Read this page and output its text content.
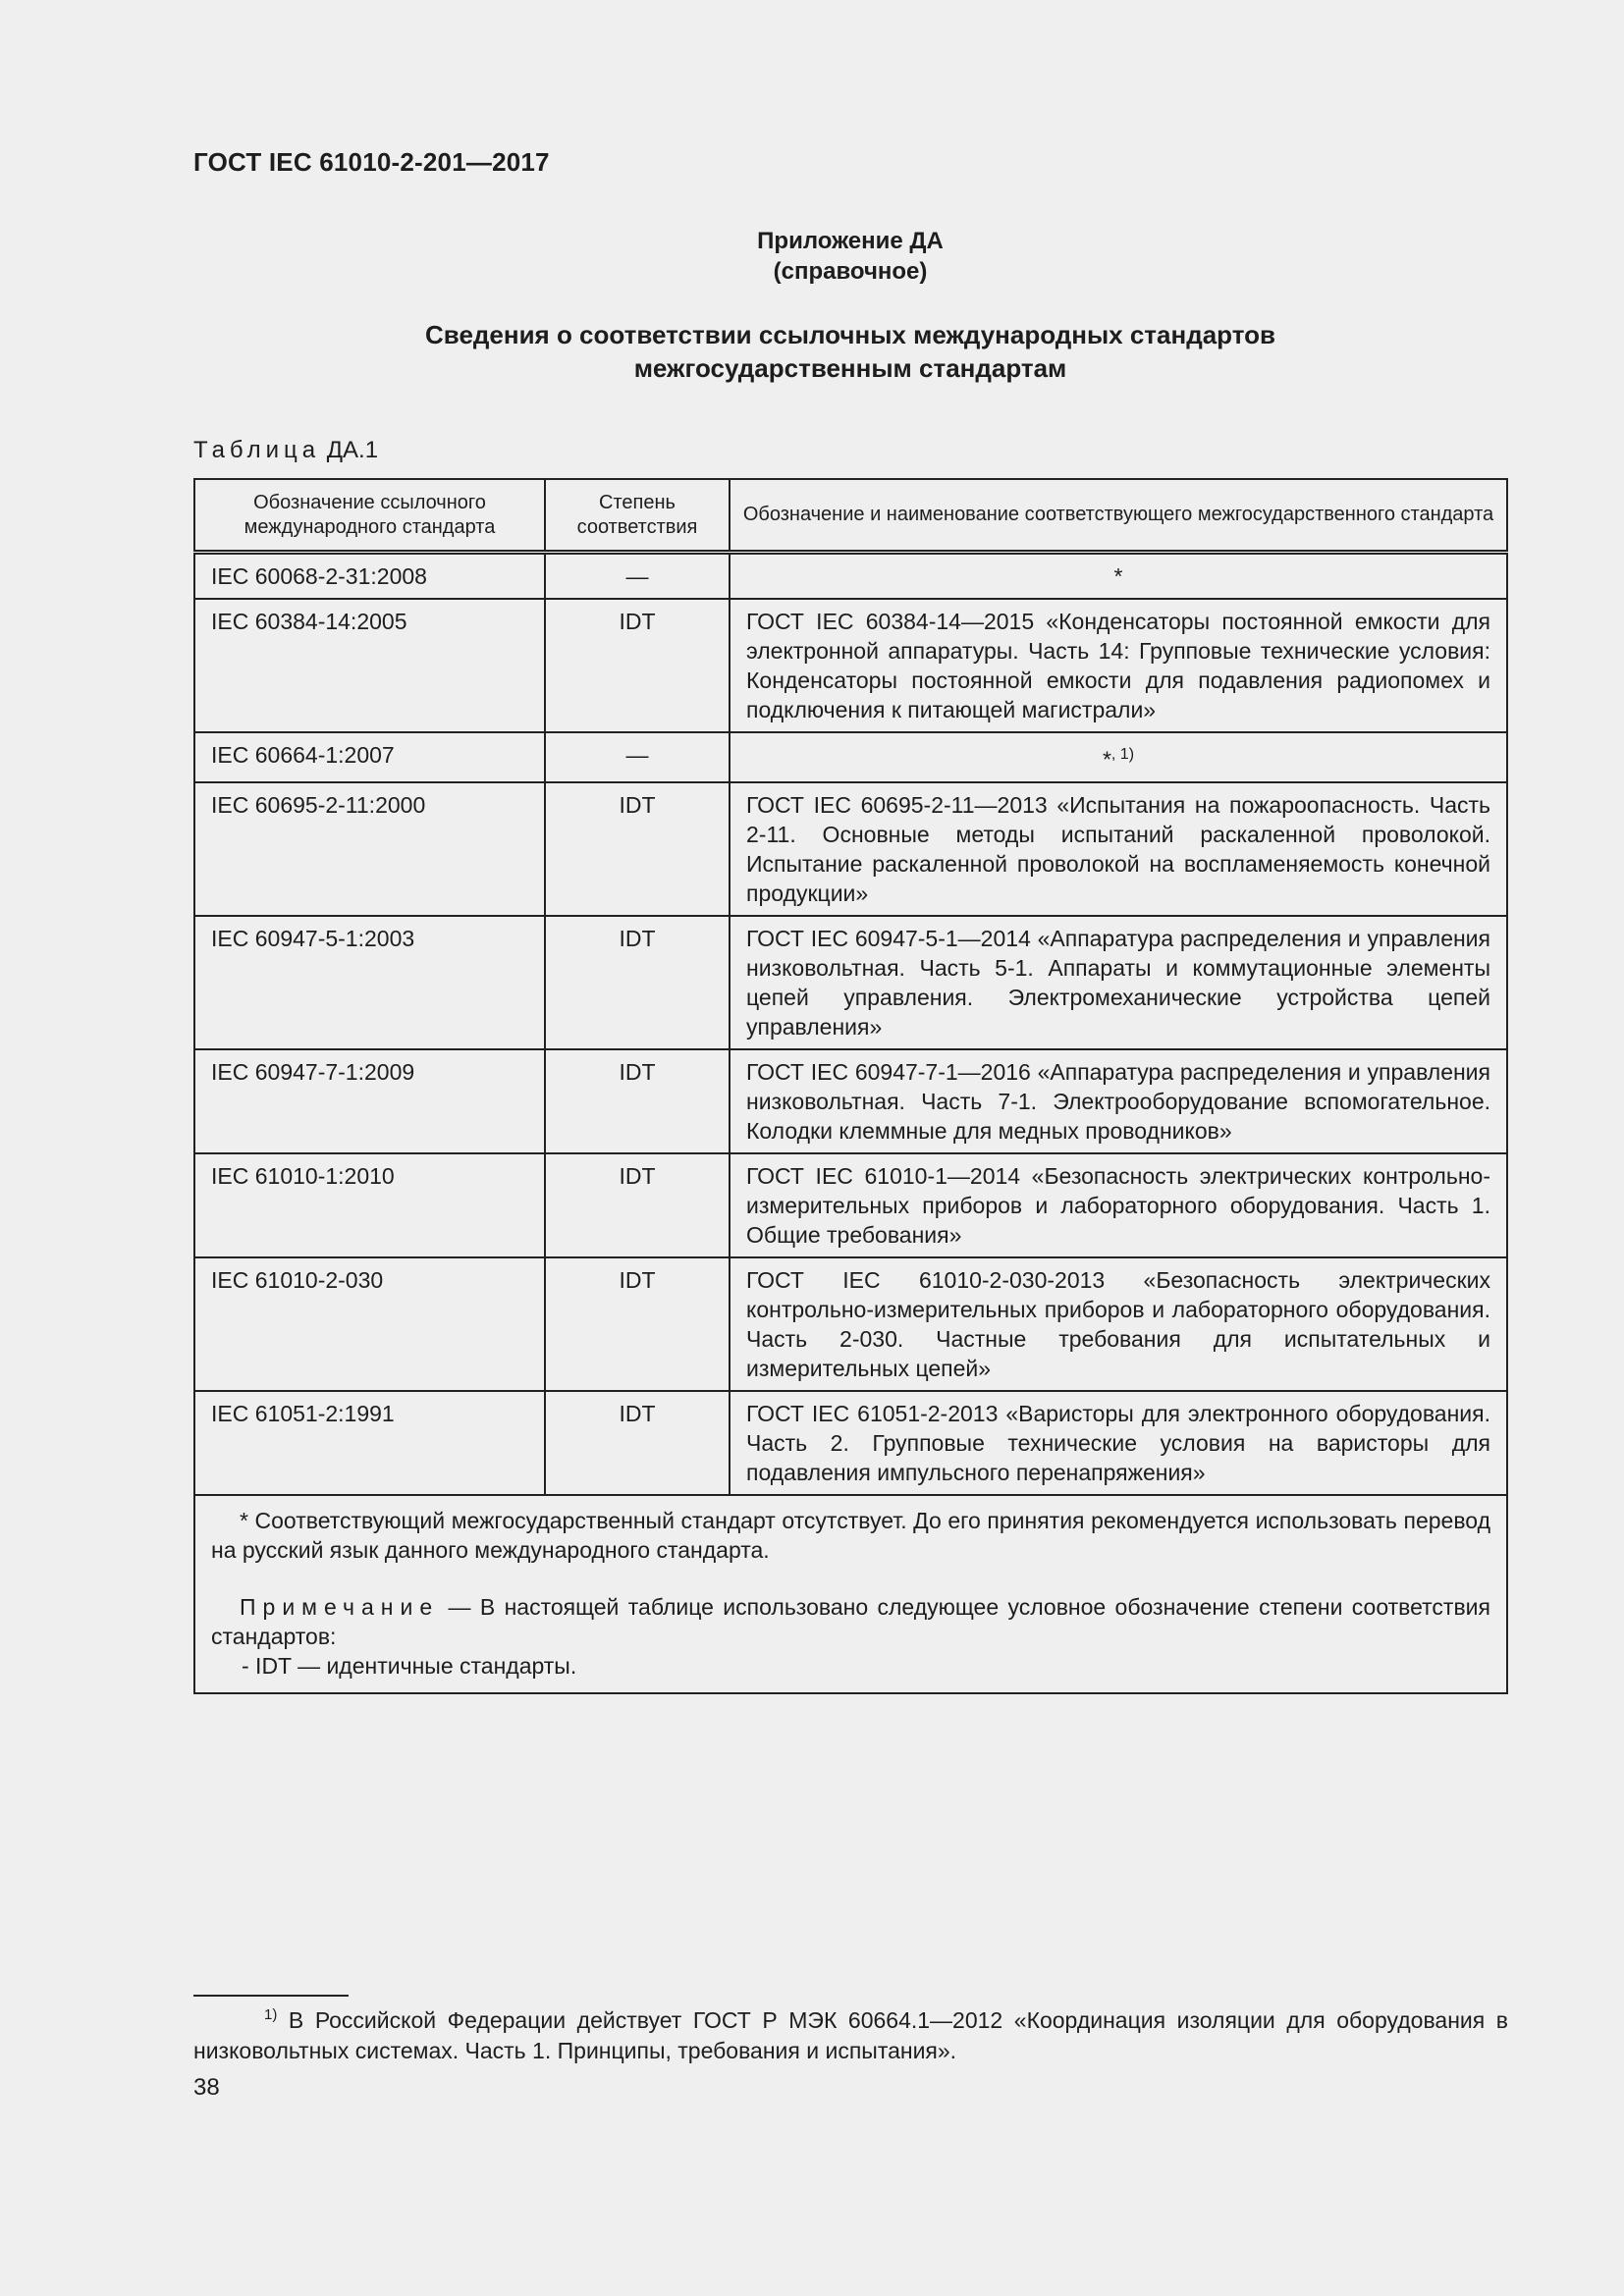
ГОСТ IEC 61010-2-201—2017
Приложение ДА
(справочное)
Сведения о соответствии ссылочных международных стандартов
межгосударственным стандартам
Таблица ДА.1
Обозначение ссылочного международного стандарта	Степень соответствия	Обозначение и наименование соответствующего межгосударственного стандарта
IEC 60068-2-31:2008	—	*
IEC 60384-14:2005	IDT	ГОСТ IEC 60384-14—2015 «Конденсаторы постоянной емкости для электронной аппаратуры. Часть 14: Групповые технические условия: Конденсаторы постоянной емкости для подавления радиопомех и подключения к питающей магистрали»
IEC 60664-1:2007	—	*$^{, 1)}$
IEC 60695-2-11:2000	IDT	ГОСТ IEC 60695-2-11—2013 «Испытания на пожароопасность. Часть 2-11. Основные методы испытаний раскаленной проволокой. Испытание раскаленной проволокой на воспламеняемость конечной продукции»
IEC 60947-5-1:2003	IDT	ГОСТ IEC 60947-5-1—2014 «Аппаратура распределения и управления низковольтная. Часть 5-1. Аппараты и коммутационные элементы цепей управления. Электромеханические устройства цепей управления»
IEC 60947-7-1:2009	IDT	ГОСТ IEC 60947-7-1—2016 «Аппаратура распределения и управления низковольтная. Часть 7-1. Электрооборудование вспомогательное. Колодки клеммные для медных проводников»
IEC 61010-1:2010	IDT	ГОСТ IEC 61010-1—2014 «Безопасность электрических контрольно-измерительных приборов и лабораторного оборудования. Часть 1. Общие требования»
IEC 61010-2-030	IDT	ГОСТ IEC 61010-2-030-2013 «Безопасность электрических контрольно-измерительных приборов и лабораторного оборудования. Часть 2-030. Частные требования для испытательных и измерительных цепей»
IEC 61051-2:1991	IDT	ГОСТ IEC 61051-2-2013 «Варисторы для электронного оборудования. Часть 2. Групповые технические условия на варисторы для подавления импульсного перенапряжения»

* Соответствующий межгосударственный стандарт отсутствует. До его принятия рекомендуется использовать перевод на русский язык данного международного стандарта.

Примечание — В настоящей таблице использовано следующее условное обозначение степени соответствия стандартов:

- IDT — идентичные стандарты.		

$^{1)}$ В Российской Федерации действует ГОСТ Р МЭК 60664.1—2012 «Координация изоляции для оборудования в низковольтных системах. Часть 1. Принципы, требования и испытания».
38
